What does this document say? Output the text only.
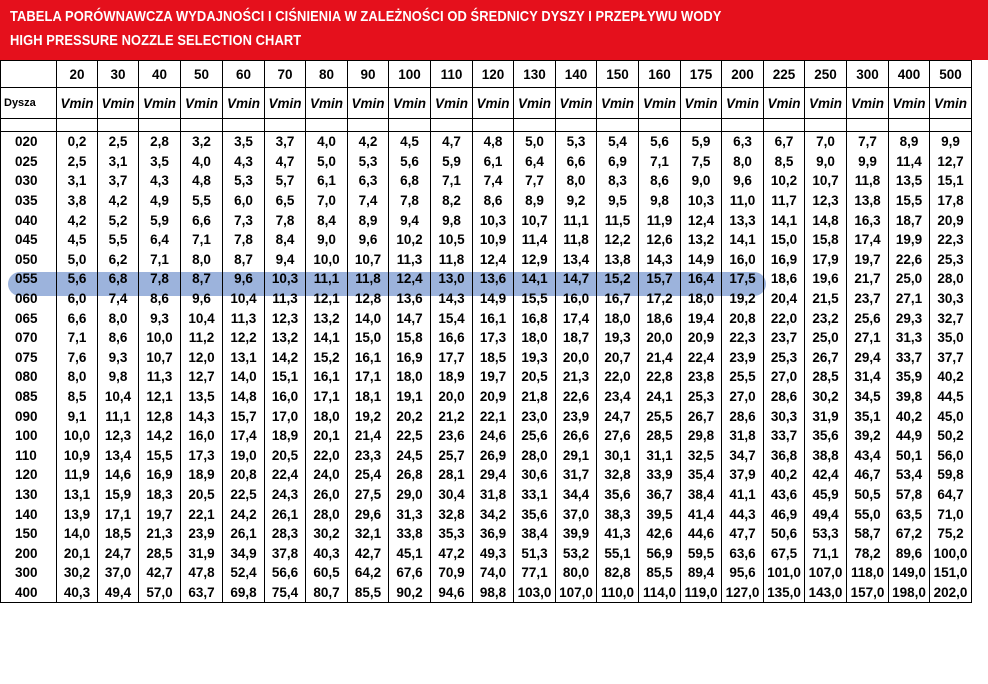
TABELA PORÓWNAWCZA WYDAJNOŚCI I CIŚNIENIA W ZALEŻNOŚCI OD ŚREDNICY DYSZY I PRZEPŁYWU WODY
HIGH PRESSURE NOZZLE SELECTION CHART
	20	30	40	50	60	70	80	90	100	110	120	130	140	150	160	175	200	225	250	300	400	500
Dysza	Vmin	Vmin	Vmin	Vmin	Vmin	Vmin	Vmin	Vmin	Vmin	Vmin	Vmin	Vmin	Vmin	Vmin	Vmin	Vmin	Vmin	Vmin	Vmin	Vmin	Vmin	Vmin

020	0,2	2,5	2,8	3,2	3,5	3,7	4,0	4,2	4,5	4,7	4,8	5,0	5,3	5,4	5,6	5,9	6,3	6,7	7,0	7,7	8,9	9,9
025	2,5	3,1	3,5	4,0	4,3	4,7	5,0	5,3	5,6	5,9	6,1	6,4	6,6	6,9	7,1	7,5	8,0	8,5	9,0	9,9	11,4	12,7
030	3,1	3,7	4,3	4,8	5,3	5,7	6,1	6,3	6,8	7,1	7,4	7,7	8,0	8,3	8,6	9,0	9,6	10,2	10,7	11,8	13,5	15,1
035	3,8	4,2	4,9	5,5	6,0	6,5	7,0	7,4	7,8	8,2	8,6	8,9	9,2	9,5	9,8	10,3	11,0	11,7	12,3	13,8	15,5	17,8
040	4,2	5,2	5,9	6,6	7,3	7,8	8,4	8,9	9,4	9,8	10,3	10,7	11,1	11,5	11,9	12,4	13,3	14,1	14,8	16,3	18,7	20,9
045	4,5	5,5	6,4	7,1	7,8	8,4	9,0	9,6	10,2	10,5	10,9	11,4	11,8	12,2	12,6	13,2	14,1	15,0	15,8	17,4	19,9	22,3
050	5,0	6,2	7,1	8,0	8,7	9,4	10,0	10,7	11,3	11,8	12,4	12,9	13,4	13,8	14,3	14,9	16,0	16,9	17,9	19,7	22,6	25,3
055	5,6	6,8	7,8	8,7	9,6	10,3	11,1	11,8	12,4	13,0	13,6	14,1	14,7	15,2	15,7	16,4	17,5	18,6	19,6	21,7	25,0	28,0
060	6,0	7,4	8,6	9,6	10,4	11,3	12,1	12,8	13,6	14,3	14,9	15,5	16,0	16,7	17,2	18,0	19,2	20,4	21,5	23,7	27,1	30,3
065	6,6	8,0	9,3	10,4	11,3	12,3	13,2	14,0	14,7	15,4	16,1	16,8	17,4	18,0	18,6	19,4	20,8	22,0	23,2	25,6	29,3	32,7
070	7,1	8,6	10,0	11,2	12,2	13,2	14,1	15,0	15,8	16,6	17,3	18,0	18,7	19,3	20,0	20,9	22,3	23,7	25,0	27,1	31,3	35,0
075	7,6	9,3	10,7	12,0	13,1	14,2	15,2	16,1	16,9	17,7	18,5	19,3	20,0	20,7	21,4	22,4	23,9	25,3	26,7	29,4	33,7	37,7
080	8,0	9,8	11,3	12,7	14,0	15,1	16,1	17,1	18,0	18,9	19,7	20,5	21,3	22,0	22,8	23,8	25,5	27,0	28,5	31,4	35,9	40,2
085	8,5	10,4	12,1	13,5	14,8	16,0	17,1	18,1	19,1	20,0	20,9	21,8	22,6	23,4	24,1	25,3	27,0	28,6	30,2	34,5	39,8	44,5
090	9,1	11,1	12,8	14,3	15,7	17,0	18,0	19,2	20,2	21,2	22,1	23,0	23,9	24,7	25,5	26,7	28,6	30,3	31,9	35,1	40,2	45,0
100	10,0	12,3	14,2	16,0	17,4	18,9	20,1	21,4	22,5	23,6	24,6	25,6	26,6	27,6	28,5	29,8	31,8	33,7	35,6	39,2	44,9	50,2
110	10,9	13,4	15,5	17,3	19,0	20,5	22,0	23,3	24,5	25,7	26,9	28,0	29,1	30,1	31,1	32,5	34,7	36,8	38,8	43,4	50,1	56,0
120	11,9	14,6	16,9	18,9	20,8	22,4	24,0	25,4	26,8	28,1	29,4	30,6	31,7	32,8	33,9	35,4	37,9	40,2	42,4	46,7	53,4	59,8
130	13,1	15,9	18,3	20,5	22,5	24,3	26,0	27,5	29,0	30,4	31,8	33,1	34,4	35,6	36,7	38,4	41,1	43,6	45,9	50,5	57,8	64,7
140	13,9	17,1	19,7	22,1	24,2	26,1	28,0	29,6	31,3	32,8	34,2	35,6	37,0	38,3	39,5	41,4	44,3	46,9	49,4	55,0	63,5	71,0
150	14,0	18,5	21,3	23,9	26,1	28,3	30,2	32,1	33,8	35,3	36,9	38,4	39,9	41,3	42,6	44,6	47,7	50,6	53,3	58,7	67,2	75,2
200	20,1	24,7	28,5	31,9	34,9	37,8	40,3	42,7	45,1	47,2	49,3	51,3	53,2	55,1	56,9	59,5	63,6	67,5	71,1	78,2	89,6	100,0
300	30,2	37,0	42,7	47,8	52,4	56,6	60,5	64,2	67,6	70,9	74,0	77,1	80,0	82,8	85,5	89,4	95,6	101,0	107,0	118,0	149,0	151,0
400	40,3	49,4	57,0	63,7	69,8	75,4	80,7	85,5	90,2	94,6	98,8	103,0	107,0	110,0	114,0	119,0	127,0	135,0	143,0	157,0	198,0	202,0
